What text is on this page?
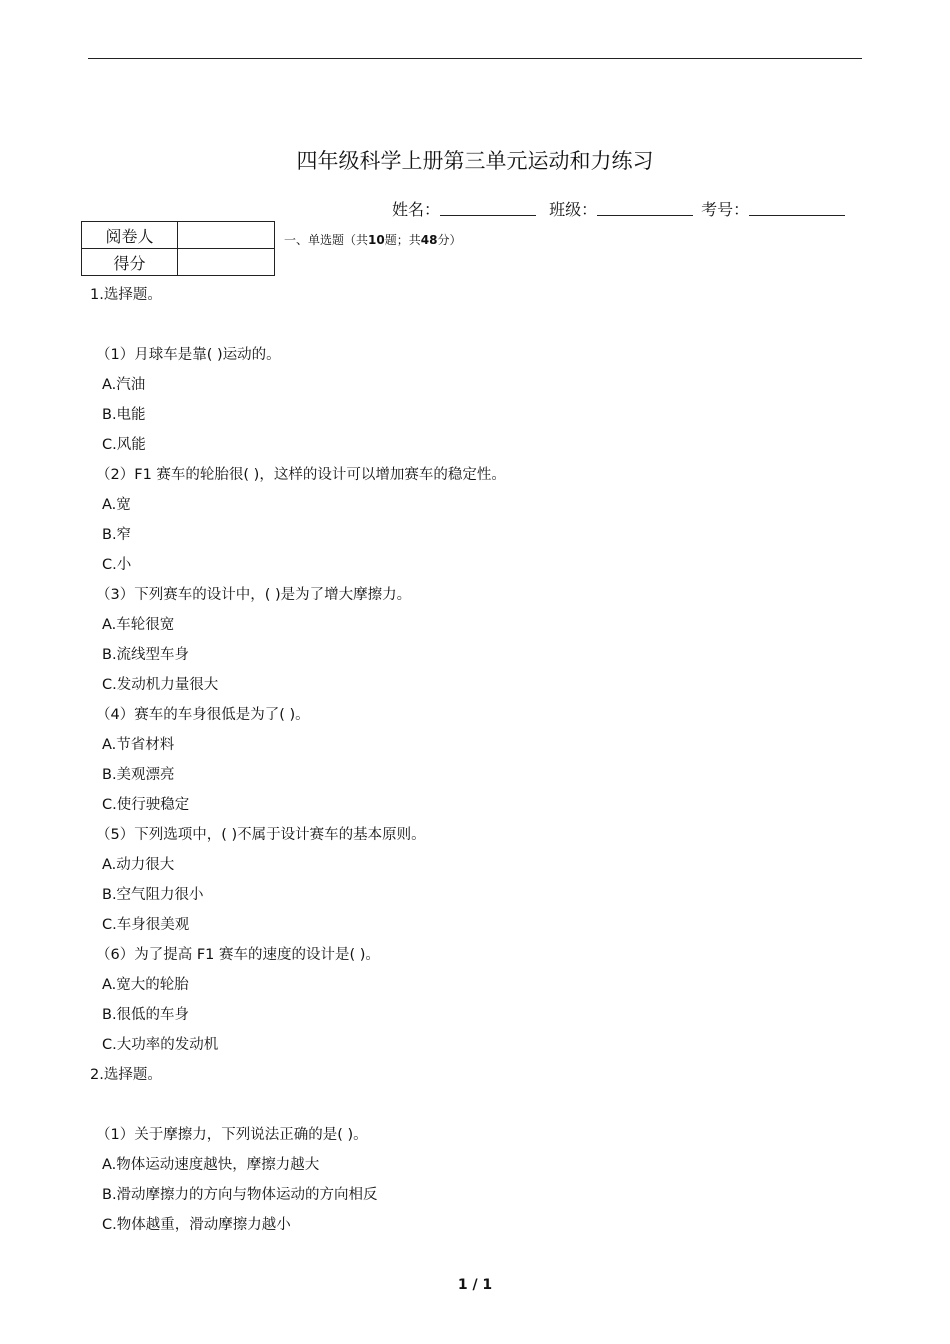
四年级科学上册第三单元运动和力练习
姓名：	班级：	考号：
阅卷人	
得分	
一、单选题（共10题；共48分）
1.选择题。
（1）月球车是靠( )运动的。
A.汽油
B.电能
C.风能
（2）F1 赛车的轮胎很( )，这样的设计可以增加赛车的稳定性。
A.宽
B.窄
C.小
（3）下列赛车的设计中，( )是为了增大摩擦力。
A.车轮很宽
B.流线型车身
C.发动机力量很大
（4）赛车的车身很低是为了( )。
A.节省材料
B.美观漂亮
C.使行驶稳定
（5）下列选项中，( )不属于设计赛车的基本原则。
A.动力很大
B.空气阻力很小
C.车身很美观
（6）为了提高 F1 赛车的速度的设计是( )。
A.宽大的轮胎
B.很低的车身
C.大功率的发动机
2.选择题。
（1）关于摩擦力，下列说法正确的是( )。
A.物体运动速度越快，摩擦力越大
B.滑动摩擦力的方向与物体运动的方向相反
C.物体越重，滑动摩擦力越小
1 / 1
